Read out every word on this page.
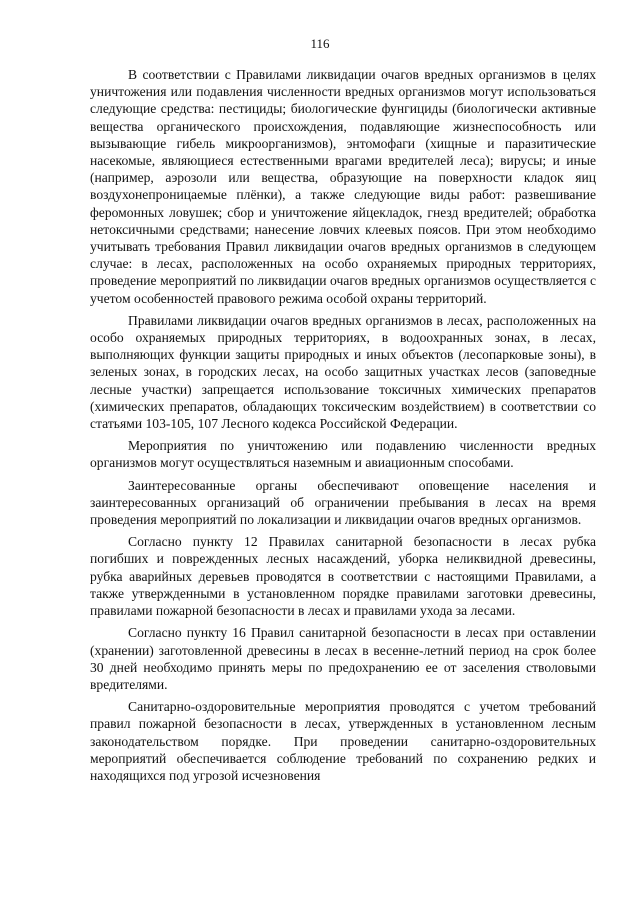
116

В соответствии с Правилами ликвидации очагов вредных организмов в целях уничтожения или подавления численности вредных организмов могут использоваться следующие средства: пестициды; биологические фунгициды (биологически активные вещества органического происхождения, подавляющие жизнеспособность или вызывающие гибель микроорганизмов), энтомофаги (хищные и паразитические насекомые, являющиеся естественными врагами вредителей леса); вирусы; и иные (например, аэрозоли или вещества, образующие на поверхности кладок яиц воздухонепроницаемые плёнки), а также следующие виды работ: развешивание феромонных ловушек; сбор и уничтожение яйцекладок, гнезд вредителей; обработка нетоксичными средствами; нанесение ловчих клеевых поясов. При этом необходимо учитывать требования Правил ликвидации очагов вредных организмов в следующем случае: в лесах, расположенных на особо охраняемых природных территориях, проведение мероприятий по ликвидации очагов вредных организмов осуществляется с учетом особенностей правового режима особой охраны территорий.

Правилами ликвидации очагов вредных организмов в лесах, расположенных на особо охраняемых природных территориях, в водоохранных зонах, в лесах, выполняющих функции защиты природных и иных объектов (лесопарковые зоны), в зеленых зонах, в городских лесах, на особо защитных участках лесов (заповедные лесные участки) запрещается использование токсичных химических препаратов (химических препаратов, обладающих токсическим воздействием) в соответствии со статьями 103-105, 107 Лесного кодекса Российской Федерации.

Мероприятия по уничтожению или подавлению численности вредных организмов могут осуществляться наземным и авиационным способами.

Заинтересованные органы обеспечивают оповещение населения и заинтересованных организаций об ограничении пребывания в лесах на время проведения мероприятий по локализации и ликвидации очагов вредных организмов.

Согласно пункту 12 Правилах санитарной безопасности в лесах рубка погибших и поврежденных лесных насаждений, уборка неликвидной древесины, рубка аварийных деревьев проводятся в соответствии с настоящими Правилами, а также утвержденными в установленном порядке правилами заготовки древесины, правилами пожарной безопасности в лесах и правилами ухода за лесами.

Согласно пункту 16 Правил санитарной безопасности в лесах при оставлении (хранении) заготовленной древесины в лесах в весенне-летний период на срок более 30 дней необходимо принять меры по предохранению ее от заселения стволовыми вредителями.

Санитарно-оздоровительные мероприятия проводятся с учетом требований правил пожарной безопасности в лесах, утвержденных в установленном лесным законодательством порядке. При проведении санитарно-оздоровительных мероприятий обеспечивается соблюдение требований по сохранению редких и находящихся под угрозой исчезновения
